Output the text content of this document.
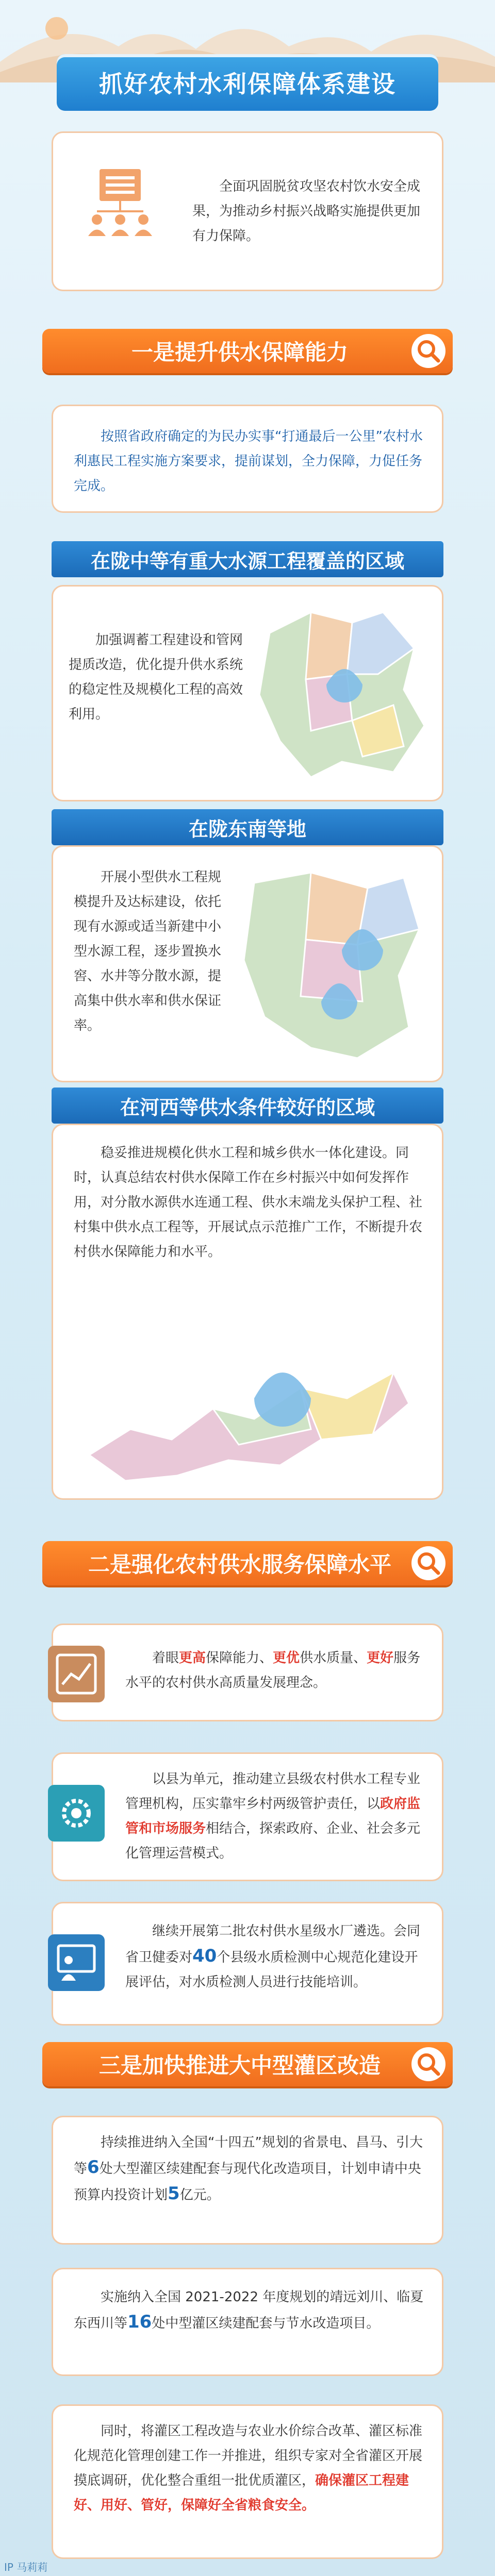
抓好农村水利保障体系建设
全面巩固脱贫攻坚农村饮水安全成果，为推动乡村振兴战略实施提供更加有力保障。
一是提升供水保障能力
按照省政府确定的为民办实事“打通最后一公里”农村水利惠民工程实施方案要求，提前谋划，全力保障，力促任务完成。
在陇中等有重大水源工程覆盖的区域
加强调蓄工程建设和管网提质改造，优化提升供水系统的稳定性及规模化工程的高效利用。
在陇东南等地
开展小型供水工程规模提升及达标建设，依托现有水源或适当新建中小型水源工程，逐步置换水窖、水井等分散水源，提高集中供水率和供水保证率。
在河西等供水条件较好的区域
稳妥推进规模化供水工程和城乡供水一体化建设。同时，认真总结农村供水保障工作在乡村振兴中如何发挥作用，对分散水源供水连通工程、供水末端龙头保护工程、社村集中供水点工程等，开展试点示范推广工作，不断提升农村供水保障能力和水平。
二是强化农村供水服务保障水平
着眼更高保障能力、更优供水质量、更好服务水平的农村供水高质量发展理念。
以县为单元，推动建立县级农村供水工程专业管理机构，压实靠牢乡村两级管护责任，以政府监管和市场服务相结合，探索政府、企业、社会多元化管理运营模式。
继续开展第二批农村供水星级水厂遴选。会同省卫健委对40个县级水质检测中心规范化建设开展评估，对水质检测人员进行技能培训。
三是加快推进大中型灌区改造
持续推进纳入全国“十四五”规划的省景电、昌马、引大等6处大型灌区续建配套与现代化改造项目，计划申请中央预算内投资计划5亿元。
实施纳入全国 2021-2022 年度规划的靖远刘川、临夏东西川等16处中型灌区续建配套与节水改造项目。
同时，将灌区工程改造与农业水价综合改革、灌区标准化规范化管理创建工作一并推进，组织专家对全省灌区开展摸底调研，优化整合重组一批优质灌区，确保灌区工程建好、用好、管好，保障好全省粮食安全。
IP 马莉莉
